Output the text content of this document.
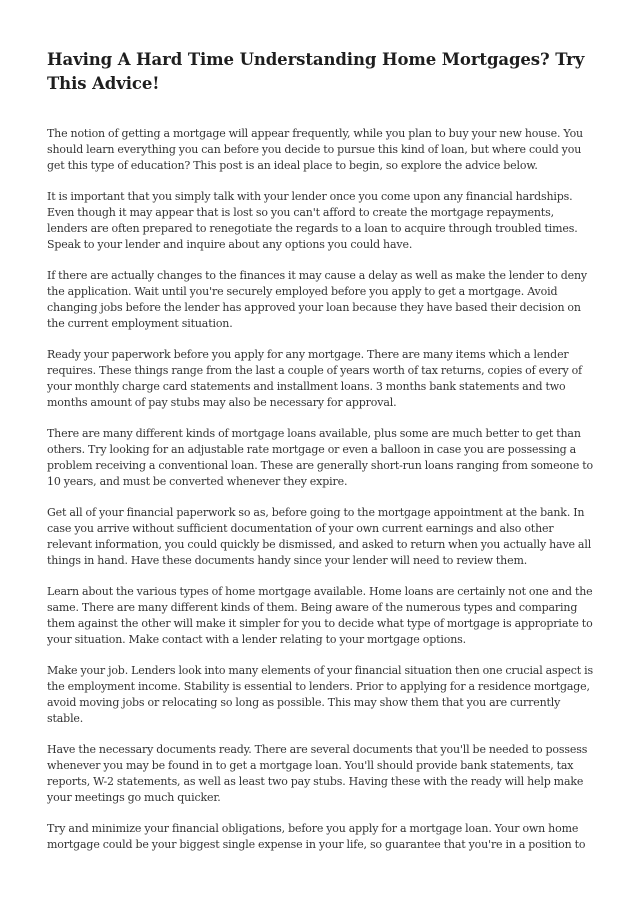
Having A Hard Time Understanding Home Mortgages? Try This Advice!

The notion of getting a mortgage will appear frequently, while you plan to buy your new house. You should learn everything you can before you decide to pursue this kind of loan, but where could you get this type of education? This post is an ideal place to begin, so explore the advice below.

It is important that you simply talk with your lender once you come upon any financial hardships. Even though it may appear that is lost so you can't afford to create the mortgage repayments, lenders are often prepared to renegotiate the regards to a loan to acquire through troubled times. Speak to your lender and inquire about any options you could have.

If there are actually changes to the finances it may cause a delay as well as make the lender to deny the application. Wait until you're securely employed before you apply to get a mortgage. Avoid changing jobs before the lender has approved your loan because they have based their decision on the current employment situation.

Ready your paperwork before you apply for any mortgage. There are many items which a lender requires. These things range from the last a couple of years worth of tax returns, copies of every of your monthly charge card statements and installment loans. 3 months bank statements and two months amount of pay stubs may also be necessary for approval.

There are many different kinds of mortgage loans available, plus some are much better to get than others. Try looking for an adjustable rate mortgage or even a balloon in case you are possessing a problem receiving a conventional loan. These are generally short-run loans ranging from someone to 10 years, and must be converted whenever they expire.

Get all of your financial paperwork so as, before going to the mortgage appointment at the bank. In case you arrive without sufficient documentation of your own current earnings and also other relevant information, you could quickly be dismissed, and asked to return when you actually have all things in hand. Have these documents handy since your lender will need to review them.

Learn about the various types of home mortgage available. Home loans are certainly not one and the same. There are many different kinds of them. Being aware of the numerous types and comparing them against the other will make it simpler for you to decide what type of mortgage is appropriate to your situation. Make contact with a lender relating to your mortgage options.

Make your job. Lenders look into many elements of your financial situation then one crucial aspect is the employment income. Stability is essential to lenders. Prior to applying for a residence mortgage, avoid moving jobs or relocating so long as possible. This may show them that you are currently stable.

Have the necessary documents ready. There are several documents that you'll be needed to possess whenever you may be found in to get a mortgage loan. You'll should provide bank statements, tax reports, W-2 statements, as well as least two pay stubs. Having these with the ready will help make your meetings go much quicker.

Try and minimize your financial obligations, before you apply for a mortgage loan. Your own home mortgage could be your biggest single expense in your life, so guarantee that you're in a position to
